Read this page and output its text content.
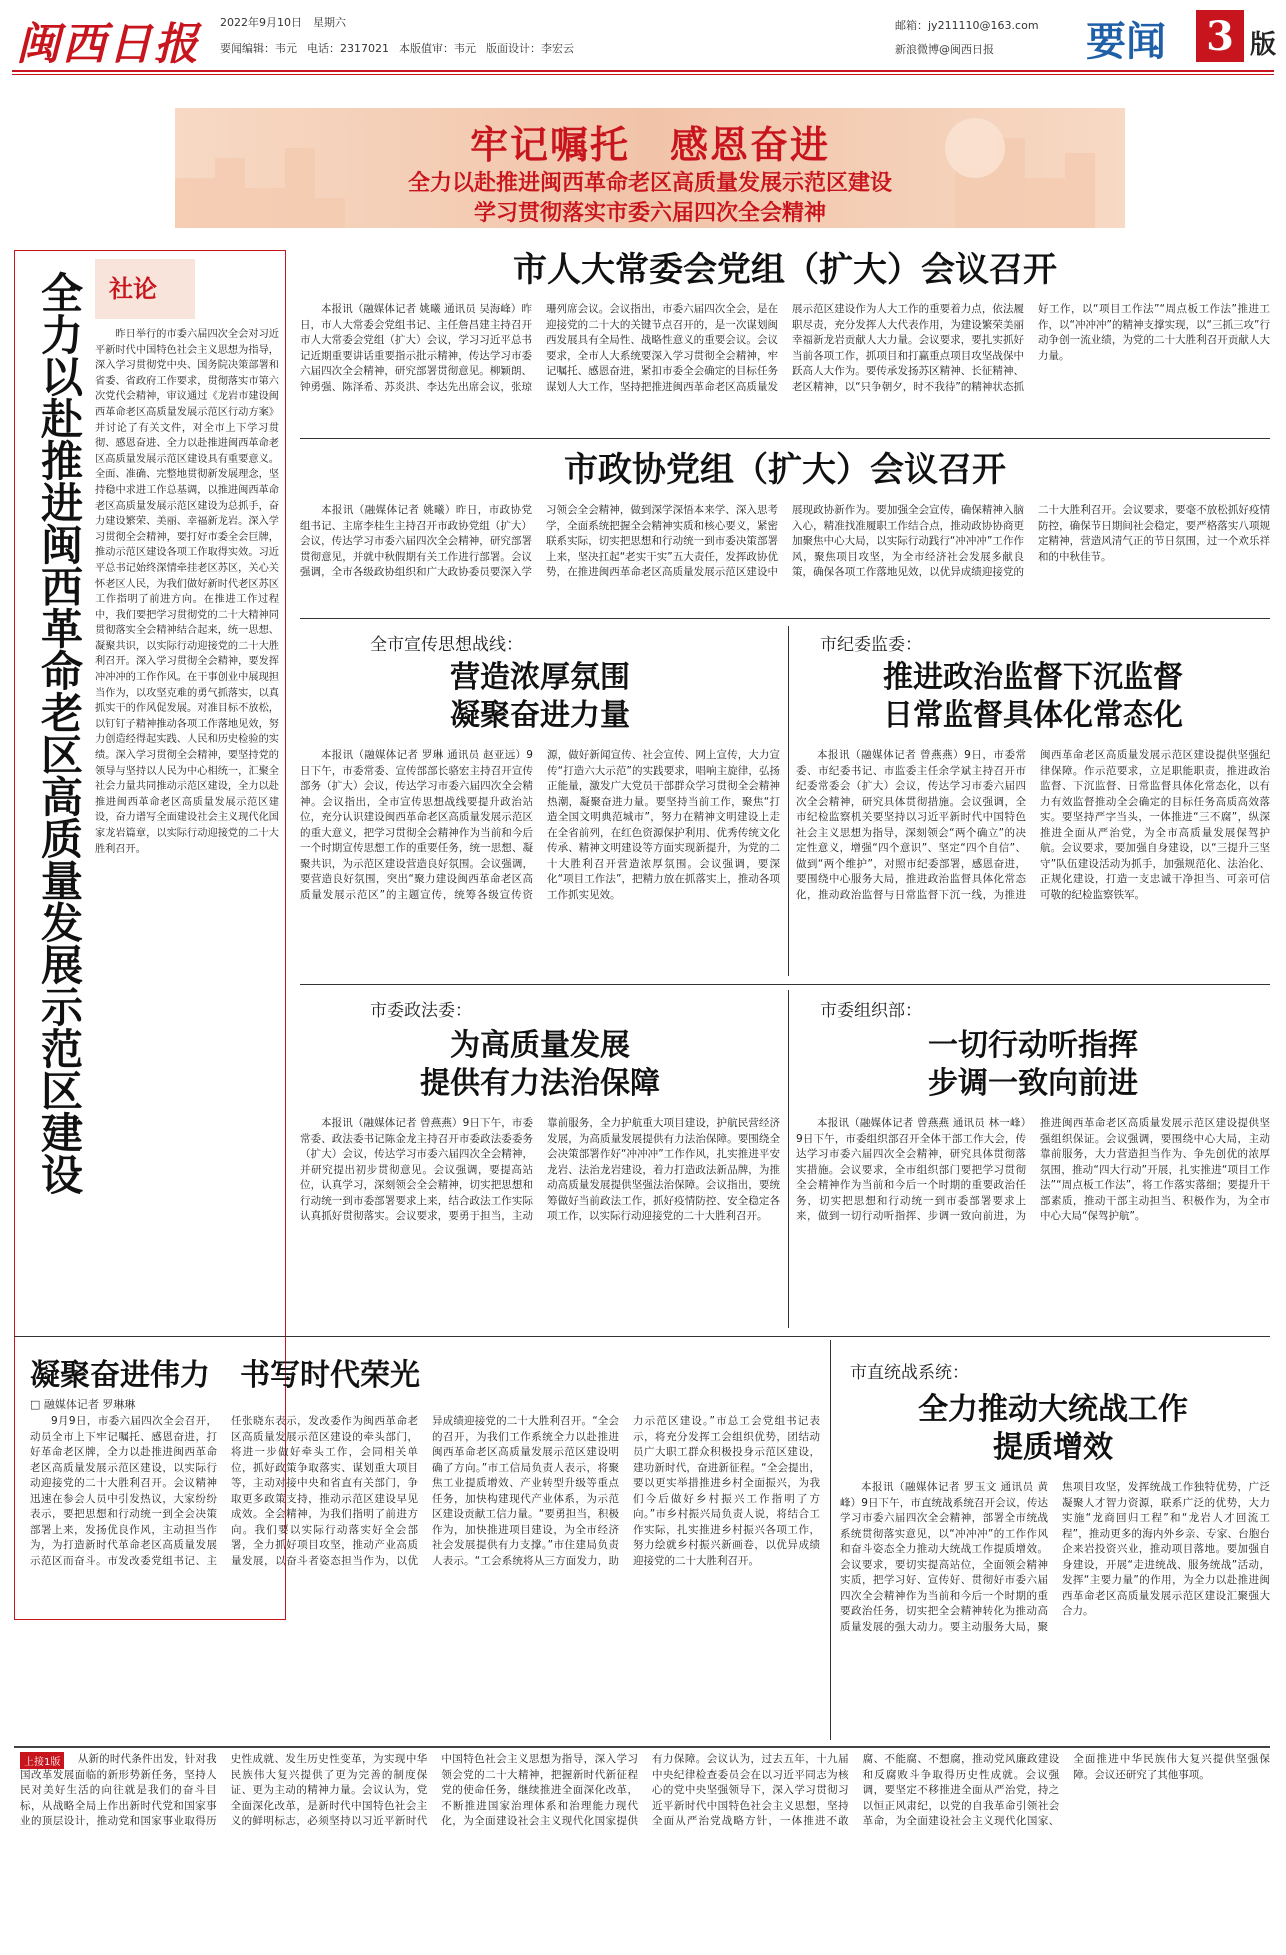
闽西日报 2022年9月10日　星期六
要闻编辑：韦元 电话：2317021 本版值审：韦元 版面设计：李宏云
邮箱：jy211110@163.com
新浪微博@闽西日报	要闻 3 版
牢记嘱托　感恩奋进
全力以赴推进闽西革命老区高质量发展示范区建设
学习贯彻落实市委六届四次全会精神
全力以赴推进闽西革命老区高质量发展示范区建设	社论

昨日举行的市委六届四次全会对习近平新时代中国特色社会主义思想为指导，深入学习贯彻党中央、国务院决策部署和省委、省政府工作要求，贯彻落实市第六次党代会精神，审议通过《龙岩市建设闽西革命老区高质量发展示范区行动方案》并讨论了有关文件，对全市上下学习贯彻、感恩奋进、全力以赴推进闽西革命老区高质量发展示范区建设具有重要意义。全面、准确、完整地贯彻新发展理念，坚持稳中求进工作总基调，以推进闽西革命老区高质量发展示范区建设为总抓手，奋力建设繁荣、美丽、幸福新龙岩。深入学习贯彻全会精神，要打好市委全会巨牌，推动示范区建设各项工作取得实效。习近平总书记始终深情牵挂老区苏区，关心关怀老区人民，为我们做好新时代老区苏区工作指明了前进方向。在推进工作过程中，我们要把学习贯彻党的二十大精神同贯彻落实全会精神结合起来，统一思想、凝聚共识，以实际行动迎接党的二十大胜利召开。深入学习贯彻全会精神，要发挥冲冲冲的工作作风。在干事创业中展现担当作为，以攻坚克难的勇气抓落实，以真抓实干的作风促发展。对准目标不放松，以钉钉子精神推动各项工作落地见效，努力创造经得起实践、人民和历史检验的实绩。深入学习贯彻全会精神，要坚持党的领导与坚持以人民为中心相统一，汇聚全社会力量共同推动示范区建设，全力以赴推进闽西革命老区高质量发展示范区建设，奋力谱写全面建设社会主义现代化国家龙岩篇章，以实际行动迎接党的二十大胜利召开。

市人大常委会党组（扩大）会议召开

本报讯（融媒体记者 姚曦 通讯员 吴海峰）昨日，市人大常委会党组书记、主任詹昌建主持召开市人大常委会党组（扩大）会议，学习习近平总书记近期重要讲话重要指示批示精神，传达学习市委六届四次全会精神，研究部署贯彻意见。柳颖朗、钟勇强、陈泽希、苏炎洪、李达先出席会议，张琼珊列席会议。会议指出，市委六届四次全会，是在迎接党的二十大的关键节点召开的，是一次谋划闽西发展具有全局性、战略性意义的重要会议。会议要求，全市人大系统要深入学习贯彻全会精神，牢记嘱托、感恩奋进，紧扣市委全会确定的目标任务谋划人大工作，坚持把推进闽西革命老区高质量发展示范区建设作为人大工作的重要着力点，依法履职尽责，充分发挥人大代表作用，为建设繁荣美丽幸福新龙岩贡献人大力量。会议要求，要扎实抓好当前各项工作，抓项目和打赢重点项目攻坚战保中跃高人大作为。要传承发扬苏区精神、长征精神、老区精神，以“只争朝夕，时不我待”的精神状态抓好工作，以“项目工作法”“周点板工作法”推进工作，以“冲冲冲”的精神支撑实现，以“三抓三攻”行动争创一流业绩，为党的二十大胜利召开贡献人大力量。

市政协党组（扩大）会议召开

本报讯（融媒体记者 姚曦）昨日，市政协党组书记、主席李桂生主持召开市政协党组（扩大）会议，传达学习市委六届四次全会精神，研究部署贯彻意见，并就中秋假期有关工作进行部署。会议强调，全市各级政协组织和广大政协委员要深入学习领会全会精神，做到深学深悟本来学、深入思考学，全面系统把握全会精神实质和核心要义，紧密联系实际，切实把思想和行动统一到市委决策部署上来，坚决扛起“老实干实”五大责任，发挥政协优势，在推进闽西革命老区高质量发展示范区建设中展现政协新作为。要加强全会宣传，确保精神入脑入心，精准找准履职工作结合点，推动政协协商更加聚焦中心大局，以实际行动践行“冲冲冲”工作作风，聚焦项目攻坚，为全市经济社会发展多献良策，确保各项工作落地见效，以优异成绩迎接党的二十大胜利召开。会议要求，要毫不放松抓好疫情防控，确保节日期间社会稳定，要严格落实八项规定精神，营造风清气正的节日氛围，过一个欢乐祥和的中秋佳节。

全市宣传思想战线：
营造浓厚氛围
凝聚奋进力量

本报讯（融媒体记者 罗琳 通讯员 赵亚远）9日下午，市委常委、宣传部部长骆宏主持召开宣传部务（扩大）会议，传达学习市委六届四次全会精神。会议指出，全市宣传思想战线要提升政治站位，充分认识建设闽西革命老区高质量发展示范区的重大意义，把学习贯彻全会精神作为当前和今后一个时期宣传思想工作的重要任务，统一思想、凝聚共识，为示范区建设营造良好氛围。会议强调，要营造良好氛围，突出“聚力建设闽西革命老区高质量发展示范区”的主题宣传，统筹各级宣传资源，做好新闻宣传、社会宣传、网上宣传，大力宣传“打造六大示范”的实践要求，唱响主旋律，弘扬正能量，激发广大党员干部群众学习贯彻全会精神热潮，凝聚奋进力量。要坚持当前工作，聚焦“打造全国文明典范城市”，努力在精神文明建设上走在全省前列，在红色资源保护利用、优秀传统文化传承、精神文明建设等方面实现新提升，为党的二十大胜利召开营造浓厚氛围。会议强调，要深化“项目工作法”，把精力放在抓落实上，推动各项工作抓实见效。

市纪委监委：
推进政治监督下沉监督
日常监督具体化常态化

本报讯（融媒体记者 曾燕燕）9日，市委常委、市纪委书记、市监委主任余学斌主持召开市纪委常委会（扩大）会议，传达学习市委六届四次全会精神，研究具体贯彻措施。会议强调，全市纪检监察机关要坚持以习近平新时代中国特色社会主义思想为指导，深刻领会“两个确立”的决定性意义，增强“四个意识”、坚定“四个自信”、做到“两个维护”，对照市纪委部署，感恩奋进，要围绕中心服务大局，推进政治监督具体化常态化，推动政治监督与日常监督下沉一线，为推进闽西革命老区高质量发展示范区建设提供坚强纪律保障。作示范要求，立足职能职责，推进政治监督、下沉监督、日常监督具体化常态化，以有力有效监督推动全会确定的目标任务高质高效落实。要坚持严字当头，一体推进“三不腐”，纵深推进全面从严治党，为全市高质量发展保驾护航。会议要求，要加强自身建设，以“三提升三坚守”队伍建设活动为抓手，加强规范化、法治化、正规化建设，打造一支忠诚干净担当、可亲可信可敬的纪检监察铁军。

市委政法委：
为高质量发展
提供有力法治保障

本报讯（融媒体记者 曾燕燕）9日下午，市委常委、政法委书记陈金龙主持召开市委政法委委务（扩大）会议，传达学习市委六届四次全会精神，并研究提出初步贯彻意见。会议强调，要提高站位，认真学习，深刻领会全会精神，切实把思想和行动统一到市委部署要求上来，结合政法工作实际认真抓好贯彻落实。会议要求，要勇于担当，主动靠前服务，全力护航重大项目建设，护航民营经济发展，为高质量发展提供有力法治保障。要围绕全会决策部署作好“冲冲冲”工作作风，扎实推进平安龙岩、法治龙岩建设，着力打造政法新品牌，为推动高质量发展提供坚强法治保障。会议指出，要统筹做好当前政法工作，抓好疫情防控、安全稳定各项工作，以实际行动迎接党的二十大胜利召开。

市委组织部：
一切行动听指挥
步调一致向前进

本报讯（融媒体记者 曾燕燕 通讯员 林一峰）9日下午，市委组织部召开全体干部工作大会，传达学习市委六届四次全会精神，研究具体贯彻落实措施。会议要求，全市组织部门要把学习贯彻全会精神作为当前和今后一个时期的重要政治任务，切实把思想和行动统一到市委部署要求上来，做到一切行动听指挥、步调一致向前进，为推进闽西革命老区高质量发展示范区建设提供坚强组织保证。会议强调，要围绕中心大局，主动靠前服务，大力营造担当作为、争先创优的浓厚氛围，推动“四大行动”开展，扎实推进“项目工作法”“周点板工作法”，将工作落实落细；要提升干部素质，推动干部主动担当、积极作为，为全市中心大局“保驾护航”。

凝聚奋进伟力　书写时代荣光
□ 融媒体记者 罗琳琳

9月9日，市委六届四次全会召开，动员全市上下牢记嘱托、感恩奋进，打好革命老区牌，全力以赴推进闽西革命老区高质量发展示范区建设，以实际行动迎接党的二十大胜利召开。会议精神迅速在参会人员中引发热议，大家纷纷表示，要把思想和行动统一到全会决策部署上来，发扬优良作风，主动担当作为，为打造新时代革命老区高质量发展示范区而奋斗。市发改委党组书记、主任张晓东表示，发改委作为闽西革命老区高质量发展示范区建设的牵头部门，将进一步做好牵头工作，会同相关单位，抓好政策争取落实、谋划重大项目等，主动对接中央和省直有关部门，争取更多政策支持，推动示范区建设早见成效。全会精神，为我们指明了前进方向。我们要以实际行动落实好全会部署，全力抓好项目攻坚，推动产业高质量发展，以奋斗者姿态担当作为，以优异成绩迎接党的二十大胜利召开。“全会的召开，为我们工作系统全力以赴推进闽西革命老区高质量发展示范区建设明确了方向。”市工信局负责人表示，将聚焦工业提质增效、产业转型升级等重点任务，加快构建现代产业体系，为示范区建设贡献工信力量。“要勇担当，积极作为，加快推进项目建设，为全市经济社会发展提供有力支撑。”市住建局负责人表示。“工会系统将从三方面发力，助力示范区建设。”市总工会党组书记表示，将充分发挥工会组织优势，团结动员广大职工群众积极投身示范区建设，建功新时代，奋进新征程。“全会提出，要以更实举措推进乡村全面振兴，为我们今后做好乡村振兴工作指明了方向。”市乡村振兴局负责人说，将结合工作实际，扎实推进乡村振兴各项工作，努力绘就乡村振兴新画卷，以优异成绩迎接党的二十大胜利召开。

市直统战系统：
全力推动大统战工作
提质增效

本报讯（融媒体记者 罗玉文 通讯员 黄峰）9日下午，市直统战系统召开会议，传达学习市委六届四次全会精神，部署全市统战系统贯彻落实意见，以“冲冲冲”的工作作风和奋斗姿态全力推动大统战工作提质增效。会议要求，要切实提高站位，全面领会精神实质，把学习好、宣传好、贯彻好市委六届四次全会精神作为当前和今后一个时期的重要政治任务，切实把全会精神转化为推动高质量发展的强大动力。要主动服务大局，聚焦项目攻坚，发挥统战工作独特优势，广泛凝聚人才智力资源，联系广泛的优势，大力实施“龙商回归工程”和“龙岩人才回流工程”，推动更多的海内外乡亲、专家、台胞台企来岩投资兴业，推动项目落地。要加强自身建设，开展“走进统战、服务统战”活动，发挥“主要力量”的作用，为全力以赴推进闽西革命老区高质量发展示范区建设汇聚强大合力。

上接1版	从新的时代条件出发，针对我国改革发展面临的新形势新任务，坚持人民对美好生活的向往就是我们的奋斗目标，从战略全局上作出新时代党和国家事业的顶层设计，推动党和国家事业取得历史性成就、发生历史性变革，为实现中华民族伟大复兴提供了更为完善的制度保证、更为主动的精神力量。会议认为，党全面深化改革，是新时代中国特色社会主义的鲜明标志，必须坚持以习近平新时代中国特色社会主义思想为指导，深入学习领会党的二十大精神，把握新时代新征程党的使命任务，继续推进全面深化改革，不断推进国家治理体系和治理能力现代化，为全面建设社会主义现代化国家提供有力保障。会议认为，过去五年，十九届中央纪律检查委员会在以习近平同志为核心的党中央坚强领导下，深入学习贯彻习近平新时代中国特色社会主义思想，坚持全面从严治党战略方针，一体推进不敢腐、不能腐、不想腐，推动党风廉政建设和反腐败斗争取得历史性成就。会议强调，要坚定不移推进全面从严治党，持之以恒正风肃纪，以党的自我革命引领社会革命，为全面建设社会主义现代化国家、全面推进中华民族伟大复兴提供坚强保障。会议还研究了其他事项。
